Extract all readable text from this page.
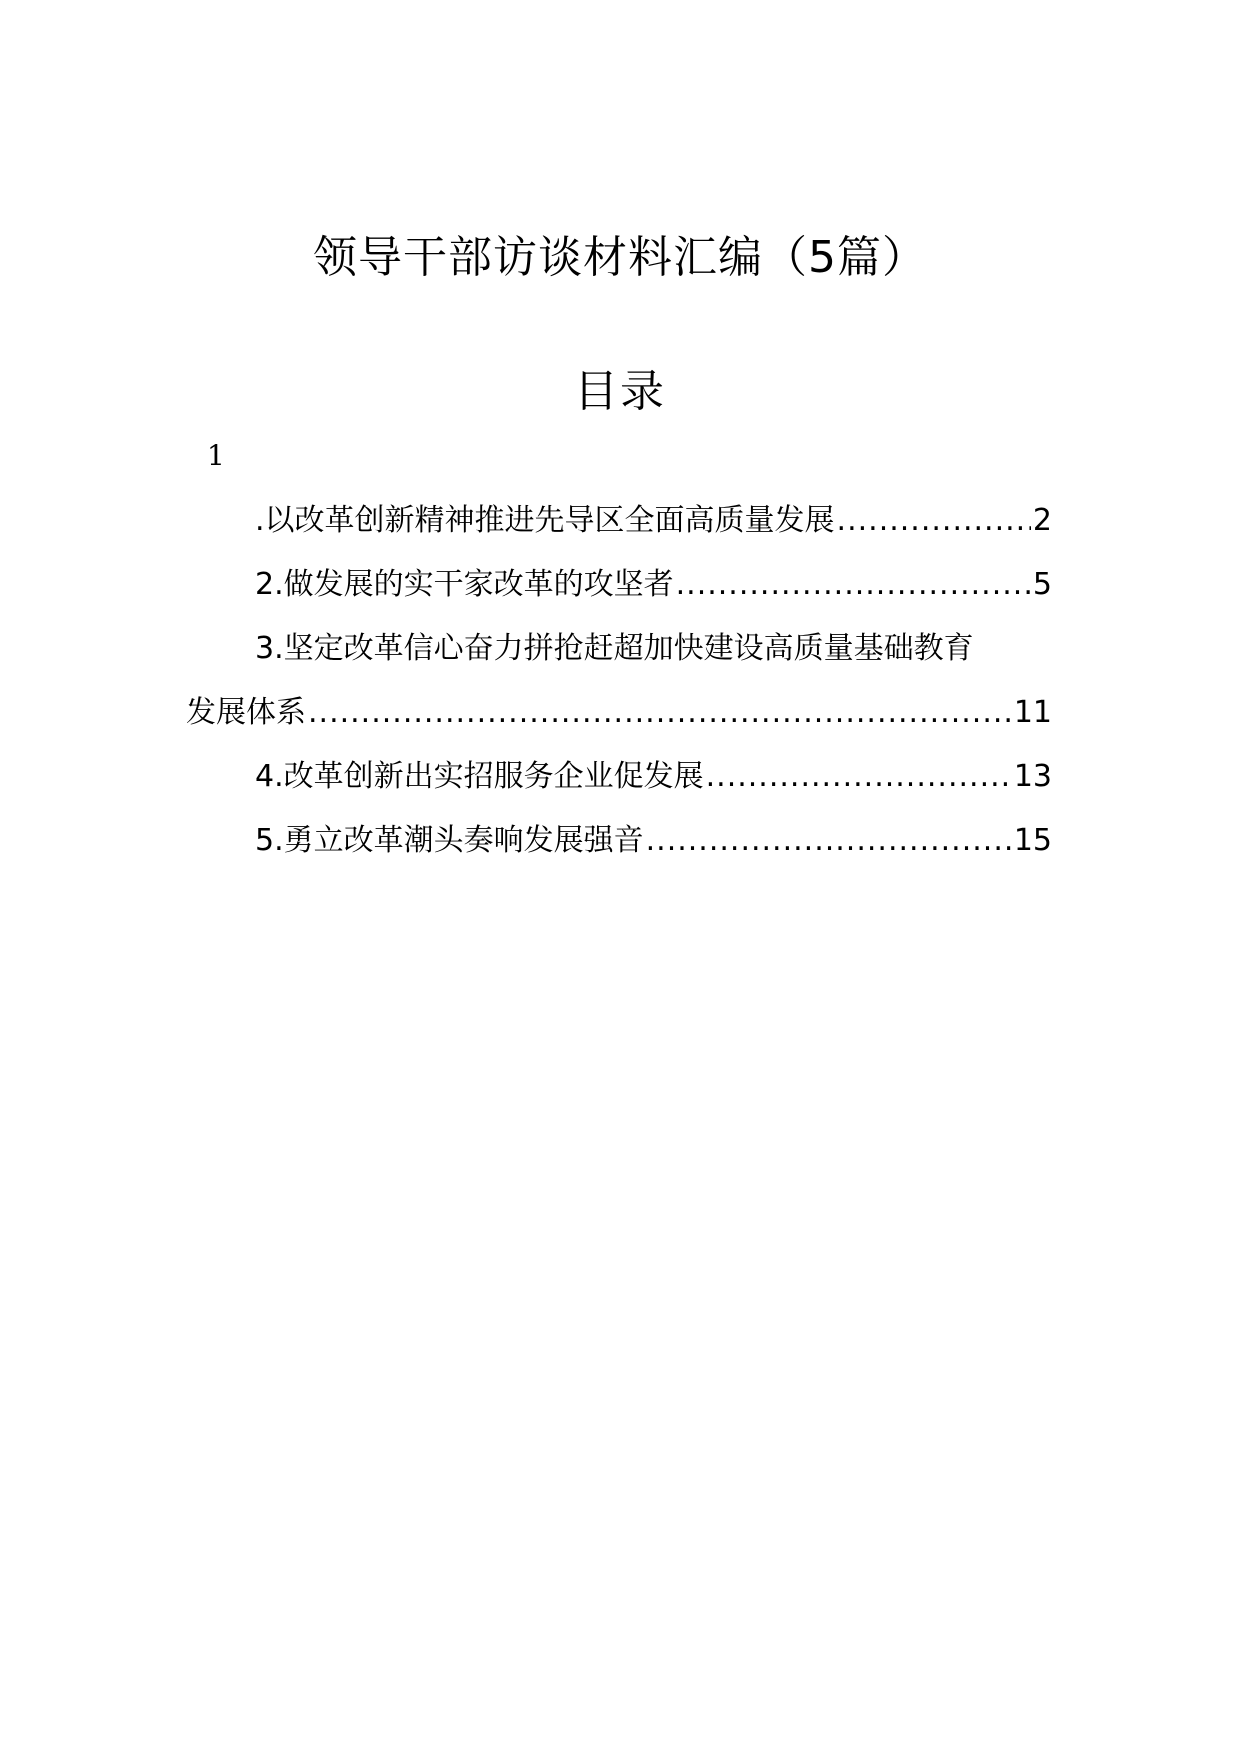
领导干部访谈材料汇编（5篇）
目录
1
.以改革创新精神推进先导区全面高质量发展 .....	2
2.做发展的实干家改革的攻坚者 .....	5
3.坚定改革信心奋力拼抢赶超加快建设高质量基础教育
发展体系 .....	11
4.改革创新出实招服务企业促发展 .....	13
5.勇立改革潮头奏响发展强音 .....	15
